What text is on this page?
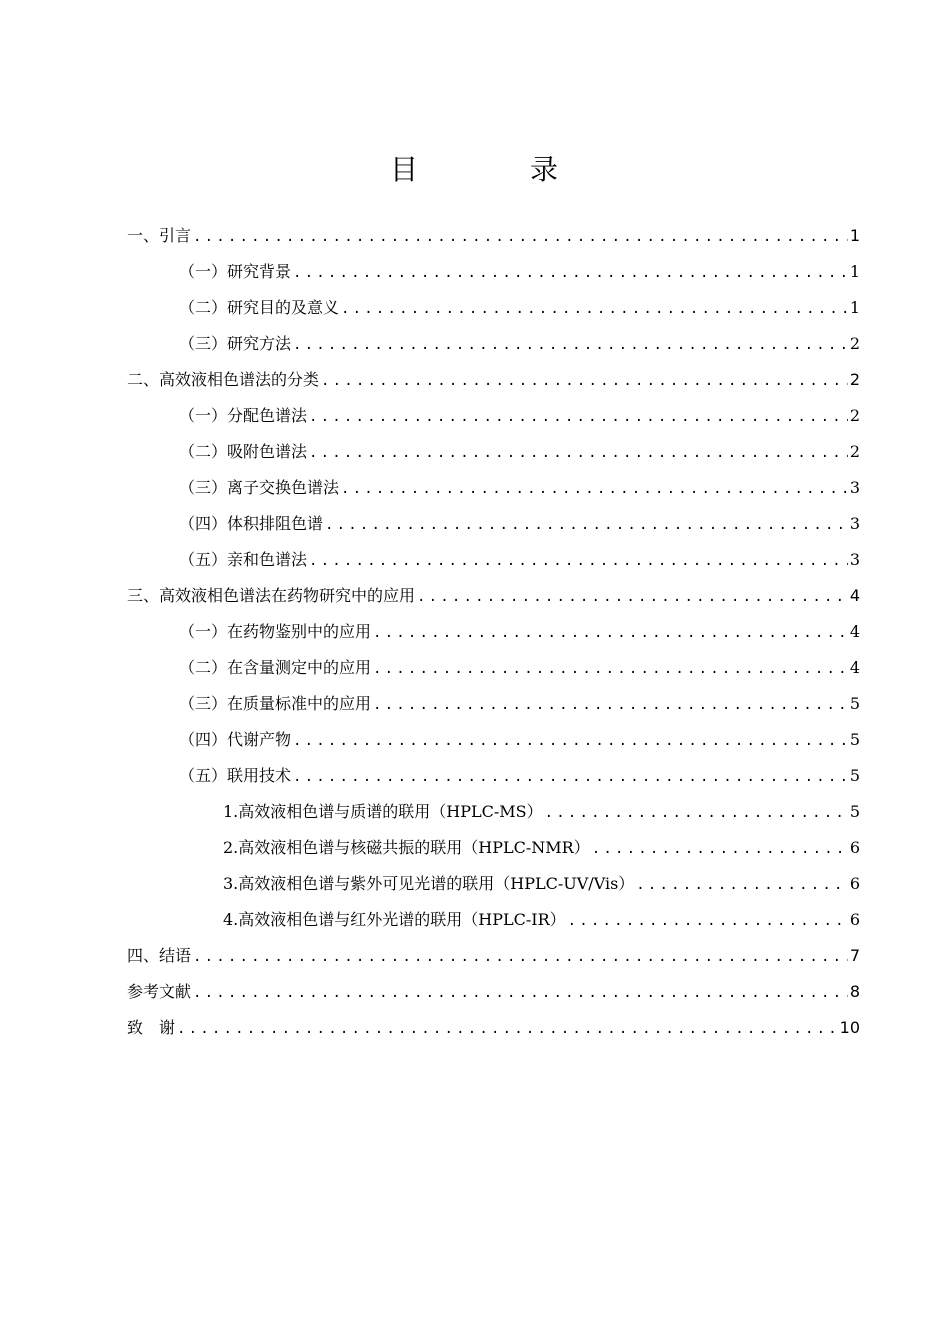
目　录
一、引言 .....	1
（一）研究背景 .....	1
（二）研究目的及意义 .....	1
（三）研究方法 .....	2
二、高效液相色谱法的分类 .....	2
（一）分配色谱法 .....	2
（二）吸附色谱法 .....	2
（三）离子交换色谱法 .....	3
（四）体积排阻色谱 .....	3
（五）亲和色谱法 .....	3
三、高效液相色谱法在药物研究中的应用 .....	4
（一）在药物鉴别中的应用 .....	4
（二）在含量测定中的应用 .....	4
（三）在质量标准中的应用 .....	5
（四）代谢产物 .....	5
（五）联用技术 .....	5
1.高效液相色谱与质谱的联用（HPLC-MS） .....	5
2.高效液相色谱与核磁共振的联用（HPLC-NMR） .....	6
3.高效液相色谱与紫外可见光谱的联用（HPLC-UV/Vis） .....	6
4.高效液相色谱与红外光谱的联用（HPLC-IR） .....	6
四、结语 .....	7
参考文献 .....	8
致　谢 .....	10
